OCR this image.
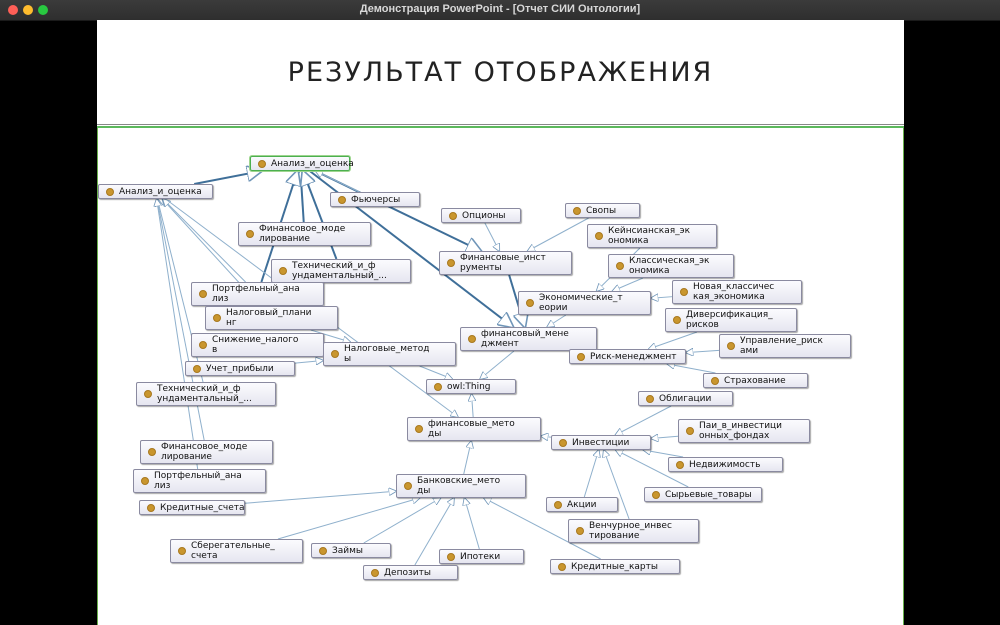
Демонстрация PowerPoint - [Отчет СИИ Онтологии]
РЕЗУЛЬТАТ ОТОБРАЖЕНИЯ
Анализ_и_оценка
Анализ_и_оценка
Фьючерсы
Опционы	Свопы
Финансовое_моде
лирование
Кейнсианская_эк
ономика
Технический_и_ф
ундаментальный_...
Финансовые_инст
рументы
Классическая_эк
ономика
Портфельный_ана
лиз
Новая_классичес
кая_экономика
Экономические_т
еории
Налоговый_плани
нг
Диверсификация_
рисков
финансовый_мене
джмент
Снижение_налого
в	Налоговые_метод
ы
Управление_риск
ами
Риск-менеджмент
Учет_прибыли
Страхование
owl:Thing
Технический_и_ф
ундаментальный_...	Облигации
финансовые_мето
ды
Паи_в_инвестици
онных_фондах
Инвестиции
Финансовое_моде
лирование
Недвижимость
Портфельный_ана
лиз	Банковские_мето
ды	Сырьевые_товары
Кредитные_счета	Акции
Венчурное_инвес
тирование
Сберегательные_
счета
Займы
Ипотеки
Депозиты
Кредитные_карты
